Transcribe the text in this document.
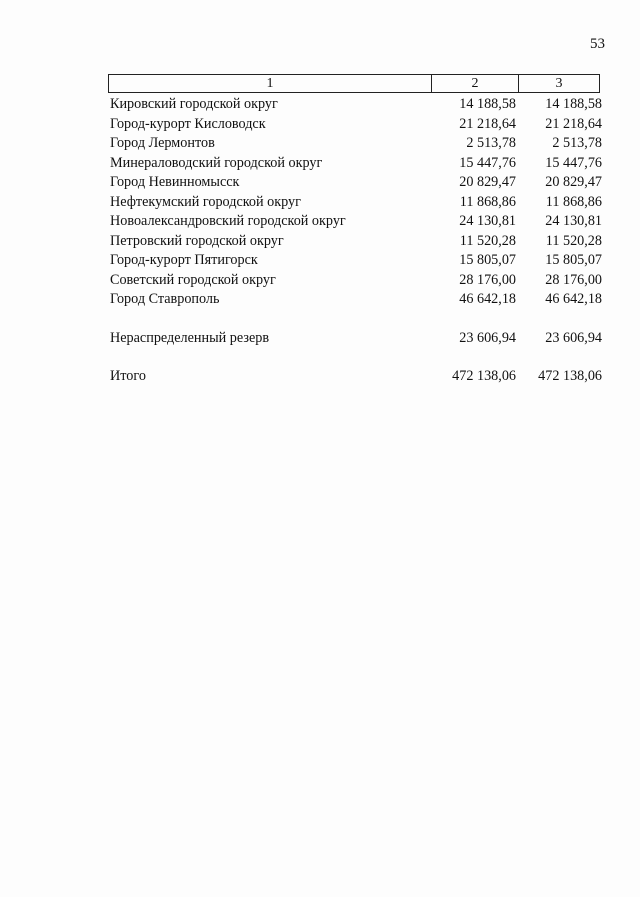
53
1	2	3
Кировский городской округ	14 188,58	14 188,58
Город-курорт Кисловодск	21 218,64	21 218,64
Город Лермонтов	2 513,78	2 513,78
Минераловодский городской округ	15 447,76	15 447,76
Город Невинномысск	20 829,47	20 829,47
Нефтекумский городской округ	11 868,86	11 868,86
Новоалександровский городской округ	24 130,81	24 130,81
Петровский городской округ	11 520,28	11 520,28
Город-курорт Пятигорск	15 805,07	15 805,07
Советский городской округ	28 176,00	28 176,00
Город Ставрополь	46 642,18	46 642,18
Нераспределенный резерв	23 606,94	23 606,94
Итого	472 138,06	472 138,06
